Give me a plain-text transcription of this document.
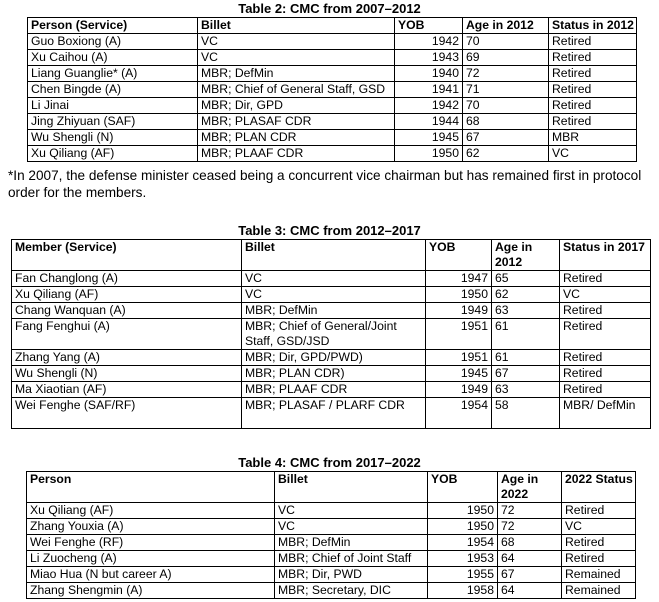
Table 2: CMC from 2007–2012
Person (Service)	Billet	YOB	Age in 2012	Status in 2012
Guo Boxiong (A)	VC	1942	70	Retired
Xu Caihou (A)	VC	1943	69	Retired
Liang Guanglie* (A)	MBR; DefMin	1940	72	Retired
Chen Bingde (A)	MBR; Chief of General Staff, GSD	1941	71	Retired
Li Jinai	MBR; Dir, GPD	1942	70	Retired
Jing Zhiyuan (SAF)	MBR; PLASAF CDR	1944	68	Retired
Wu Shengli (N)	MBR; PLAN CDR	1945	67	MBR
Xu Qiliang (AF)	MBR; PLAAF CDR	1950	62	VC
*In 2007, the defense minister ceased being a concurrent vice chairman but has remained first in protocol order for the members.
Table 3: CMC from 2012–2017
Member (Service)	Billet	YOB	Age in 2012	Status in 2017
Fan Changlong (A)	VC	1947	65	Retired
Xu Qiliang (AF)	VC	1950	62	VC
Chang Wanquan (A)	MBR; DefMin	1949	63	Retired
Fang Fenghui (A)	MBR; Chief of General/Joint Staff, GSD/JSD	1951	61	Retired
Zhang Yang (A)	MBR; Dir, GPD/PWD)	1951	61	Retired
Wu Shengli (N)	MBR; PLAN CDR)	1945	67	Retired
Ma Xiaotian (AF)	MBR; PLAAF CDR	1949	63	Retired
Wei Fenghe (SAF/RF)	MBR; PLASAF / PLARF CDR	1954	58	MBR/ DefMin
Table 4: CMC from 2017–2022
Person	Billet	YOB	Age in 2022	2022 Status
Xu Qiliang (AF)	VC	1950	72	Retired
Zhang Youxia (A)	VC	1950	72	VC
Wei Fenghe (RF)	MBR; DefMin	1954	68	Retired
Li Zuocheng (A)	MBR; Chief of Joint Staff	1953	64	Retired
Miao Hua (N but career A)	MBR; Dir, PWD	1955	67	Remained
Zhang Shengmin (A)	MBR; Secretary, DIC	1958	64	Remained
